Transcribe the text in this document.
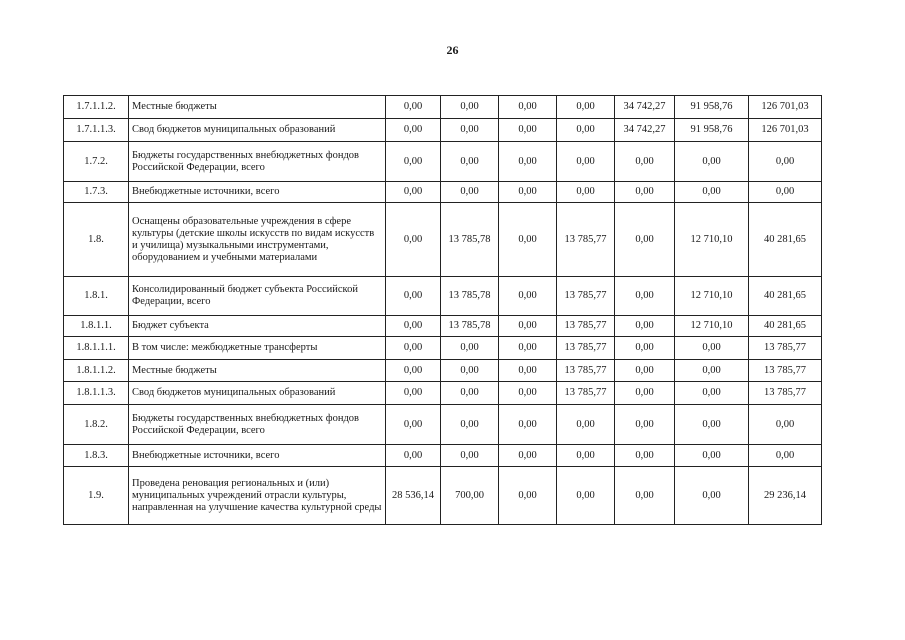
26
1.7.1.1.2.	Местные бюджеты	0,00	0,00	0,00	0,00	34 742,27	91 958,76	126 701,03
1.7.1.1.3.	Свод бюджетов муниципальных образований	0,00	0,00	0,00	0,00	34 742,27	91 958,76	126 701,03
1.7.2.	Бюджеты государственных внебюджетных фондов Российской Федерации, всего	0,00	0,00	0,00	0,00	0,00	0,00	0,00
1.7.3.	Внебюджетные источники, всего	0,00	0,00	0,00	0,00	0,00	0,00	0,00
1.8.	Оснащены образовательные учреждения в сфере культуры (детские школы искусств по видам искусств и училища) музыкальными инструментами, оборудованием и учебными материалами	0,00	13 785,78	0,00	13 785,77	0,00	12 710,10	40 281,65
1.8.1.	Консолидированный бюджет субъекта Российской Федерации, всего	0,00	13 785,78	0,00	13 785,77	0,00	12 710,10	40 281,65
1.8.1.1.	Бюджет субъекта	0,00	13 785,78	0,00	13 785,77	0,00	12 710,10	40 281,65
1.8.1.1.1.	В том числе: межбюджетные трансферты	0,00	0,00	0,00	13 785,77	0,00	0,00	13 785,77
1.8.1.1.2.	Местные бюджеты	0,00	0,00	0,00	13 785,77	0,00	0,00	13 785,77
1.8.1.1.3.	Свод бюджетов муниципальных образований	0,00	0,00	0,00	13 785,77	0,00	0,00	13 785,77
1.8.2.	Бюджеты государственных внебюджетных фондов Российской Федерации, всего	0,00	0,00	0,00	0,00	0,00	0,00	0,00
1.8.3.	Внебюджетные источники, всего	0,00	0,00	0,00	0,00	0,00	0,00	0,00
1.9.	Проведена реновация региональных и (или) муниципальных учреждений отрасли культуры, направленная на улучшение качества культурной среды	28 536,14	700,00	0,00	0,00	0,00	0,00	29 236,14
